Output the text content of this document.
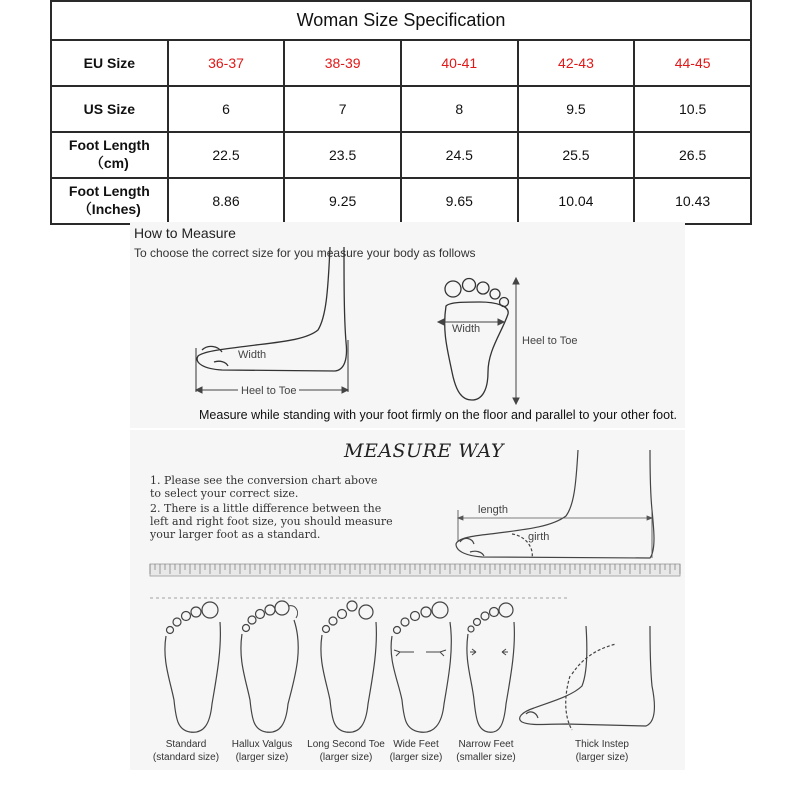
Woman Size Specification					
EU Size	36-37	38-39	40-41	42-43	44-45
US Size	6	7	8	9.5	10.5
Foot Length（cm)	22.5	23.5	24.5	25.5	26.5
Foot Length（Inches)	8.86	9.25	9.65	10.04	10.43
How to Measure
To choose the correct size for you measure your body as follows
Width
Heel to Toe
Width
Heel to Toe
Measure while standing with your foot firmly on the floor and parallel to your other foot.
MEASURE WAY
1. Please see the conversion chart above to select your correct size.
2. There is a little difference between the left and right foot size, you should measure your larger foot as a standard.
length
girth
Standard
(standard size)
Hallux Valgus
(larger size)
Long Second Toe
(larger size)
Wide Feet
(larger size)
Narrow Feet
(smaller size)
Thick Instep
(larger size)
